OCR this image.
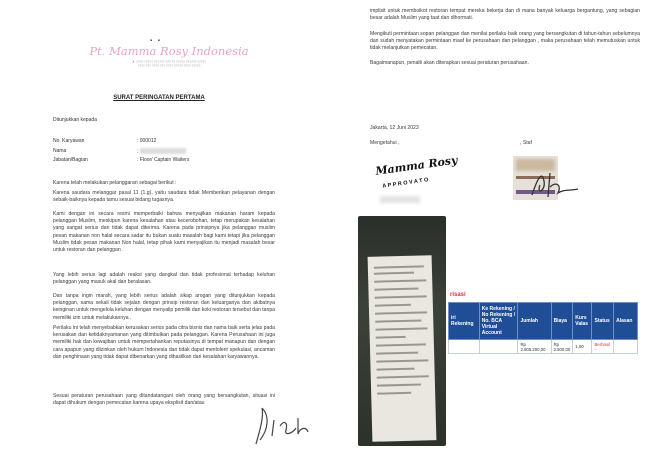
▪ ▪
Pt. Mamma Rosy Indonesia
Jl. ???? ????? ?????? ??? ?? ????? ?????? ?????
???? ??? ???? ??? ???? ????? ???? ?????
SURAT PERINGATAN PERTAMA
Ditunjukkan kepada
No. Karyawan	: 000012
Nama	:
Jabatan/Bagian	: Floor/ Captain Waiters
Karena telah melakukan pelanggaran sebagai berikut :
Karena saudara melanggar pasal 11 (1.g), yaitu saudara tidak Memberikan pelayanan dengan sebaik-baiknya kepada tamu sesuai bidang tugasnya.
Kami dengan ini secara resmi memperbaiki bahwa menyajikan makanan haram kepada pelanggan Muslim, meskipun karena kesalahan atau kecerobohan, tetap merupakan kesalahan yang sangat serius dan tidak dapat diterima. Karena pada prinsipnya jika pelanggan muslim pesan makanan non halal secara sadar itu bukan suatu masalah bagi kami tetapi jika pelanggan Muslim tidak pesan makanan Non halal, tetap pihak kami menyajikan itu menjadi masalah besar untuk restoran dan pelanggan .
Yang lebih serius lagi adalah reaksi yang dangkal dan tidak profesional terhadap keluhan pelanggan yang masuk akal dan beralasan.
Dan tanpa ingin marah, yang lebih serius adalah sikap arogan yang ditunjukkan kepada pelanggan, sama sekali tidak sejalan dengan prinsip restoran dan keluarganya dan akibatnya keinginan untuk mengelola keluhan dengan menyalip pemilik dan koki restoran tersebut dan tanpa memiliki izin untuk melakukannya .
Perilaku ini telah menyebabkan kerusakan serius pada citra bisnis dan nama baik serta jelas pada kerusakan dan ketidaknyamanan yang ditimbulkan pada pelanggan. Karena Perusahaan ini juga memiliki hak dan kewajiban untuk mempertahankan reputasinya di tempat manapun dan dengan cara apapun yang diizinkan oleh hukum Indonesia dan tidak dapat mentolerir spekulasi, ancaman dan penghinaan yang tidak dapat dibenarkan yang dihasilkan dari kesalahan karyawannya.
Sesuai peraturan perusahaan yang ditandatangani oleh orang yang bersangkutan, situasi ini dapat dihukum dengan pemecatan karena upaya eksplisit dan/atau
implisit untuk memboikot restoran tempat mereka bekerja dan di mana banyak keluarga bergantung, yang sebagian besar adalah Muslim yang taat dan dihormati.
Mengikuti permintaan sopan pelanggan dan menilai perilaku baik orang yang bersangkutan di tahun-tahun sebelumnya dan sudah menyatakan permintaan maaf ke perusahaan dan pelanggan , maka perusahaan telah memutuskan untuk tidak melanjutkan pemecatan.
Bagaimanapun, penalti akan diterapkan sesuai peraturan perusahaan.
Jakarta, 12 Juni 2023
Mengetahui ,	, Staf
Mamma Rosy
A P P R O V A T O
risasi
iri Rekening	Ke Rekening / No Rekening / No. BCA Virtual Account	Jumlah	Biaya	Kurs Valas	Status	Alasan
		Rp 2.605.200,00	Rp 2.500,00	1,00	Berhasil -	
